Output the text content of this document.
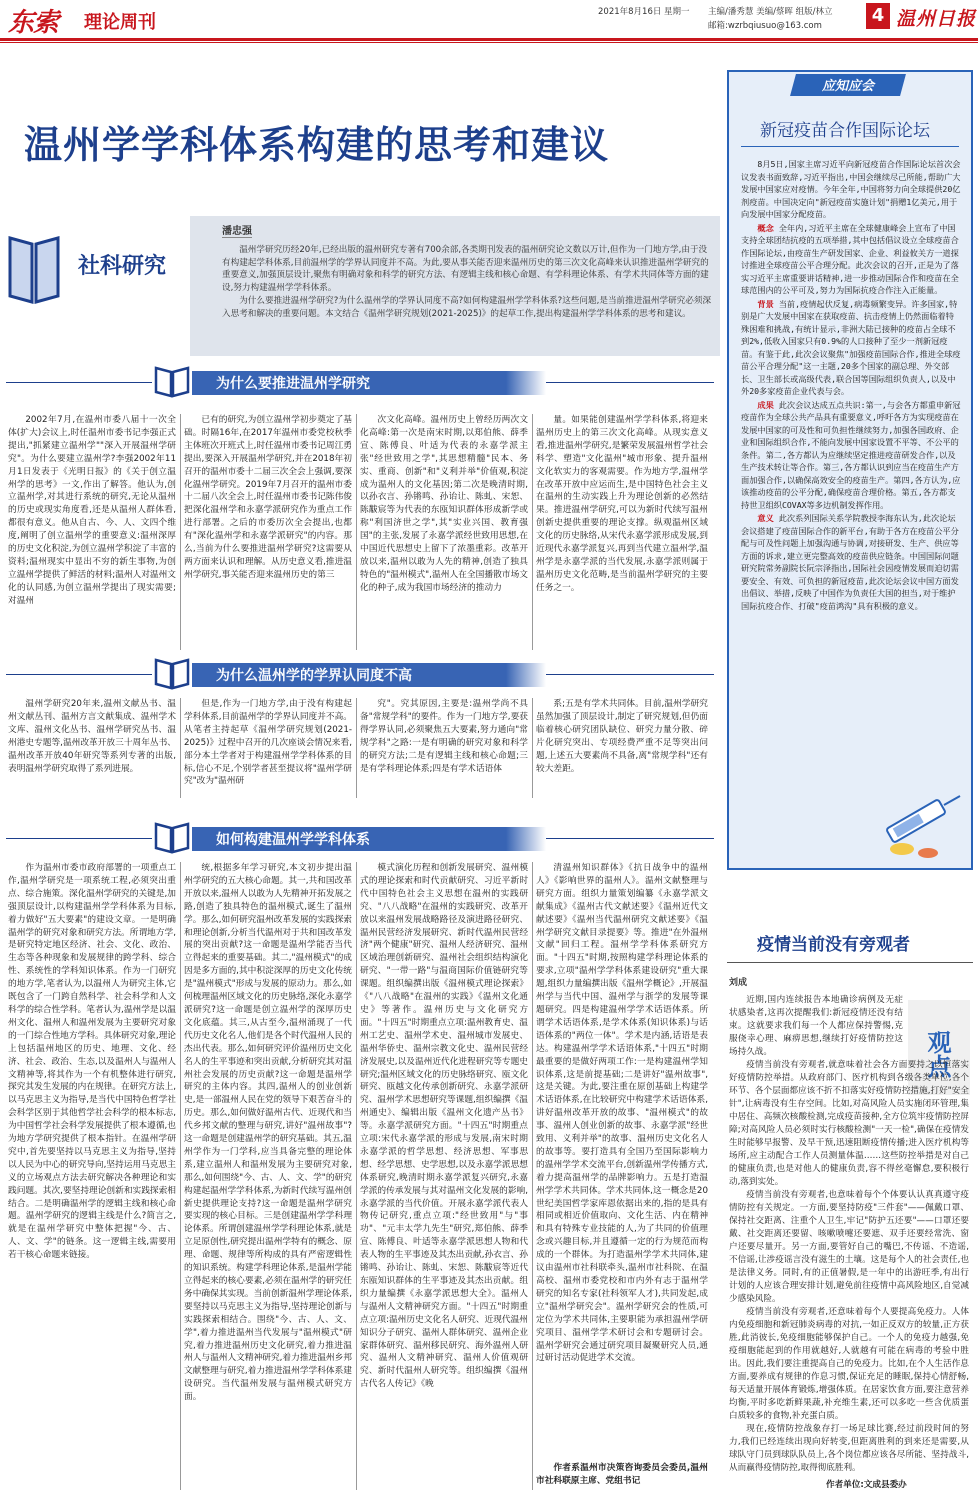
东索 理论周刊	2021年8月16日 星期一 主编/潘秀慧 美编/蔡晖 组版/林立
邮箱:wzrbqiusuo@163.com	4 温州日报
温州学学科体系构建的思考和建议
社科研究
潘忠强

温州学研究历经20年,已经出版的温州研究专著有700余部,各类期刊发表的温州研究论文数以万计,但作为一门地方学,由于没有构建起学科体系,目前温州学的学界认同度并不高。为此,要从事关能否迎来温州历史的第三次文化高峰来认识推进温州学研究的重要意义,加强顶层设计,聚焦有明确对象和科学的研究方法、有逻辑主线和核心命题、有学科理论体系、有学术共同体等方面的建设,努力构建温州学学科体系。

为什么要推进温州学研究?为什么温州学的学界认同度不高?如何构建温州学学科体系?这些问题,是当前推进温州学研究必须深入思考和解决的重要问题。本文结合《温州学研究规划(2021-2025)》的起草工作,提出构建温州学学科体系的思考和建议。

为什么要推进温州学研究

2002年7月,在温州市委八届十一次全体(扩大)会议上,时任温州市委书记李强正式提出,"抓紧建立温州学""深入开展温州学研究"。为什么要建立温州学?李强2002年11月1日发表于《光明日报》的《关于创立温州学的思考》一文,作出了解答。他认为,创立温州学,对其进行系统的研究,无论从温州的历史或现实角度看,还是从温州人群体看,都很有意义。他从自古、今、人、文四个维度,阐明了创立温州学的重要意义:温州深厚的历史文化积淀,为创立温州学积淀了丰富的资料;温州现实中显出不穷的新生事物,为创立温州学提供了鲜活的材料;温州人对温州文化的认同感,为创立温州学提出了现实需要;对温州

已有的研究,为创立温州学初步奠定了基础。时隔16年,在2017年温州市委党校秋季主体班次开班式上,时任温州市委书记周江勇提出,要深入开展温州学研究,并在2018年初召开的温州市委十二届三次全会上强调,要深化温州学研究。2019年7月召开的温州市委十二届八次全会上,时任温州市委书记陈伟俊把深化温州学和永嘉学派研究作为重点工作进行部署。之后的市委历次全会提出,也都有"深化温州学和永嘉学派研究"的内容。那么,当前为什么要推进温州学研究?这需要从两方面来认识和理解。从历史意义看,推进温州学研究,事关能否迎来温州历史的第三

次文化高峰。温州历史上曾经历两次文化高峰:第一次是南宋时期,以郑伯熊、薛季宣、陈傅良、叶适为代表的永嘉学派主张"经世致用之学",其思想精髓"民本、务实、重商、创新"和"义利并举"价值观,积淀成为温州人的文化基因;第二次是晚清时期,以孙衣言、孙锵鸣、孙诒让、陈虬、宋恕、陈黻宸等为代表的东瓯知识群体形成新学或称"利国济世之学",其"实业兴国、教育强国"的主张,发展了永嘉学派经世致用思想,在中国近代思想史上留下了浓墨重彩。改革开放以来,温州以敢为人先的精神,创造了独具特色的"温州模式",温州人在全国播散市场文化的种子,成为我国市场经济的推动力

量。如果能创建温州学学科体系,将迎来温州历史上的第三次文化高峰。从现实意义看,推进温州学研究,是繁荣发展温州哲学社会科学、塑造"文化温州"城市形象、提升温州文化软实力的客观需要。作为地方学,温州学在改革开放中应运而生,是中国特色社会主义在温州的生动实践上升为理论创新的必然结果。推进温州学研究,可以为新时代续写温州创新史提供重要的理论支撑。纵观温州区域文化的历史脉络,从宋代永嘉学派形成发展,到近现代永嘉学派复兴,再到当代建立温州学,温州学是永嘉学派的当代发展,永嘉学派则属于温州历史文化范畴,是当前温州学研究的主要任务之一。

为什么温州学的学界认同度不高

温州学研究20年来,温州文献丛书、温州文献丛刊、温州方言文献集成、温州学术文库、温州文化丛书、温州学研究丛书、温州港史专题等,温州改革开放三十周年丛书、温州改革开放40年研究等系列专著的出版,表明温州学研究取得了系列进展。

但是,作为一门地方学,由于没有构建起学科体系,目前温州学的学界认同度并不高。从笔者主持起草《温州学研究规划(2021-2025)》过程中召开的几次座谈会情况来看,部分本土学者对于构建温州学学科体系的目标,信心不足,个别学者甚至提议将"温州学研究"改为"温州研

究"。究其原因,主要是:温州学尚不具备"常规学科"的要件。作为一门地方学,要获得学界认同,必须聚焦五大要素,努力通向"常规学科"之路:一是有明确的研究对象和科学的研究方法;二是有逻辑主线和核心命题;三是有学科理论体系;四是有学术话语体

系;五是有学术共同体。目前,温州学研究虽然加强了顶层设计,制定了研究规划,但仍面临着核心研究团队缺位、研究力量分散、碎片化研究突出、专项经费严重不足等突出问题,上述五大要素尚不具备,离"常规学科"还有较大差距。

如何构建温州学学科体系

作为温州市委市政府部署的一项重点工作,温州学研究是一项系统工程,必须突出重点、综合施策。深化温州学研究的关键是,加强顶层设计,以构建温州学学科体系为目标,着力做好"五大要素"的建设文章。一是明确温州学的研究对象和研究方法。所谓地方学,是研究特定地区经济、社会、文化、政治、生态等各种现象和发展规律的跨学科、综合性、系统性的学科知识体系。作为一门研究的地方学,笔者认为,以温州人为研究主体,它既包含了一门跨自然科学、社会科学和人文科学的综合性学科。笔者认为,温州学是以温州文化、温州人和温州发展为主要研究对象的一门综合性地方学科。具体研究对象,理论上包括温州地区的历史、地理、文化、经济、社会、政治、生态,以及温州人与温州人文精神等,将其作为一个有机整体进行研究,探究其发生发展的内在规律。在研究方法上,以马克思主义为指导,是当代中国特色哲学社会科学区别于其他哲学社会科学的根本标志,为中国哲学社会科学发展提供了根本遵循,也为地方学研究提供了根本指针。在温州学研究中,首先要坚持以马克思主义为指导,坚持以人民为中心的研究导向,坚持运用马克思主义的立场观点方法去研究解决各种理论和实践问题。其次,要坚持理论创新和实践探索相结合。二是明确温州学的逻辑主线和核心命题。温州学研究的逻辑主线是什么?简言之,就是在温州学研究中整体把握"今、古、人、文、学"的链条。这一逻辑主线,需要用若干核心命题来链接。

统,根据多年学习研究,本文初步提出温州学研究的五大核心命题。其一,共和国改革开放以来,温州人以敢为人先精神开拓发展之路,创造了独具特色的温州模式,诞生了温州学。那么,如何研究温州改革发展的实践探索和理论创新,分析当代温州对于共和国改革发展的突出贡献?这一命题是温州学能否当代立得起来的重要基础。其二,"温州模式"的成因是多方面的,其中积淀深厚的历史文化传统是"温州模式"形成与发展的原动力。那么,如何梳理温州区域文化的历史脉络,深化永嘉学派研究?这一命题是创立温州学的深厚历史文化底蕴。其三,从古至今,温州涌现了一代代历史文化名人,他们是各个时代温州人民的杰出代表。那么,如何研究评价温州历史文化名人的生平事迹和突出贡献,分析研究其对温州社会发展的历史贡献?这一命题是温州学研究的主体内容。其四,温州人的创业创新史,是一部温州人民在党的领导下艰苦奋斗的历史。那么,如何做好温州古代、近现代和当代乡邦文献的整理与研究,讲好"温州故事"?这一命题是创建温州学的研究基础。其五,温州学作为一门学科,应当具备完整的理论体系,建立温州人和温州发展为主要研究对象,那么,如何围绕"今、古、人、文、学"的研究构建起温州学学科体系,为新时代续写温州创新史提供理论支持?这一命题是温州学研究要实现的核心目标。三是创建温州学学科理论体系。所谓创建温州学学科理论体系,就是立足原创性,研究提出温州学特有的概念、原理、命题、规律等所构成的具有严密逻辑性的知识系统。构建学科理论体系,是温州学能立得起来的核心要素,必须在温州学的研究任务中确保其实现。当前创新温州学理论体系,要坚持以马克思主义为指导,坚持理论创新与实践探索相结合。围绕"今、古、人、文、学",着力推进温州当代发展与"温州模式"研究,着力推进温州历史文化研究,着力推进温州人与温州人文精神研究,着力推进温州乡邦文献整理与研究,着力推进温州学学科体系建设研究。当代温州发展与温州模式研究方面。

模式演化历程和创新发展研究、温州模式的理论探索和时代贡献研究、习近平新时代中国特色社会主义思想在温州的实践研究、"八八战略"在温州的实践研究、改革开放以来温州发展战略路径及演进路径研究、温州民营经济发展研究、新时代温州民营经济"两个健康"研究、温州人经济研究、温州区域治理创新研究、温州社会组织结构演化研究、"一带一路"与温商国际价值链研究等课题。组织编撰出版《温州模式理论探索》《"八八战略"在温州的实践》《温州文化通史》等著作。温州历史与文化研究方面。"十四五"时期重点立项:温州教育史、温州工艺史、温州学术史、温州城市发展史、温州华侨史、温州宗教文化史、温州民营经济发展史,以及温州近代化进程研究等专题史研究;温州区域文化的历史脉络研究、瓯文化研究、瓯越文化传承创新研究、永嘉学派研究、温州学术思想研究等课题,组织编撰《温州通史》、编辑出版《温州文化遗产丛书》等。永嘉学派研究方面。"十四五"时期重点立项:宋代永嘉学派的形成与发展,南宋时期永嘉学派的哲学思想、经济思想、军事思想、经学思想、史学思想,以及永嘉学派思想体系研究,晚清时期永嘉学派复兴研究,永嘉学派的传承发展与其对温州文化发展的影响,永嘉学派的当代价值。开展永嘉学派代表人物传记研究,重点立项:"经世致用"与"事功"、"元丰太学九先生"研究,郑伯熊、薛季宣、陈傅良、叶适等永嘉学派思想人物和代表人物的生平事迹及其杰出贡献,孙衣言、孙锵鸣、孙诒让、陈虬、宋恕、陈黻宸等近代东瓯知识群体的生平事迹及其杰出贡献。组织力量编撰《永嘉学派思想大全》。温州人与温州人文精神研究方面。"十四五"时期重点立项:温州历史文化名人研究、近现代温州知识分子研究、温州人群体研究、温州企业家群体研究、温州移民研究、海外温州人研究、温州人文精神研究、温州人价值观研究、新时代温州人研究等。组织编撰《温州古代名人传记》《晚

清温州知识群体》《抗日战争中的温州人》《影响世界的温州人》。温州文献整理与研究方面。组织力量策划编纂《永嘉学派文献集成》《温州古代文献述要》《温州近代文献述要》《温州当代温州研究文献述要》《温州学研究文献目录提要》等。推进"在外温州文献"回归工程。温州学学科体系研究方面。"十四五"时期,按照构建学科理论体系的要求,立项"温州学学科体系建设研究"重大课题,组织力量编撰出版《温州学概论》,开展温州学与当代中国、温州学与浙学的发展等课题研究。四是构建温州学学术话语体系。所谓学术话语体系,是学术体系(知识体系)与话语体系的"两位一体"。学术是内涵,话语是表达。构建温州学学术话语体系,"十四五"时期最重要的是做好两项工作:一是构建温州学知识体系,这是前提基础;二是讲好"温州故事",这是关键。为此,要注重在原创基础上构建学术话语体系,在比较研究中构建学术话语体系,讲好温州改革开放的故事、"温州模式"的故事、温州人创业创新的故事、永嘉学派"经世致用、义利并举"的故事、温州历史文化名人的故事等。要打造具有全国乃至国际影响力的温州学学术交流平台,创新温州学传播方式,着力提高温州学的品牌影响力。五是打造温州学学术共同体。学术共同体,这一概念是20世纪美国哲学家库恩依据出来的,指的是具有相同或相近价值取向、文化生活、内在精神和具有特殊专业技能的人,为了共同的价值理念或兴趣目标,并且遵循一定的行为规范而构成的一个群体。为打造温州学学术共同体,建议由温州市社科联牵头,温州市社科院、在温高校、温州市委党校和市内外有志于温州学研究的知名专家(社科领军人才),共同发起,成立"温州学研究会"。温州学研究会的性质,可定位为学术共同体,主要职能为承担温州学研究项目、温州学学术研讨会和专题研讨会。温州学研究会通过研究项目凝聚研究人员,通过研讨活动促进学术交流。

作者系温州市决策咨询委员会委员,温州市社科联原主席、党组书记

应知应会
新冠疫苗合作国际论坛

8月5日,国家主席习近平向新冠疫苗合作国际论坛首次会议发表书面致辞,习近平指出,中国会继续尽己所能,帮助广大发展中国家应对疫情。今年全年,中国将努力向全球提供20亿剂疫苗。中国决定向"新冠疫苗实施计划"捐赠1亿美元,用于向发展中国家分配疫苗。

概念 全年内,习近平主席在全球健康峰会上宣布了中国支持全球团结抗疫的五项举措,其中包括倡议设立全球疫苗合作国际论坛,由疫苗生产研发国家、企业、利益攸关方一道探讨推进全球疫苗公平合理分配。此次会议的召开,正是为了落实习近平主席重要讲话精神,进一步推动国际合作和疫苗在全球范围内的公平可及,努力为国际抗疫合作注入正能量。

背景 当前,疫情起伏反复,病毒频繁变异。许多国家,特别是广大发展中国家在获取疫苗、抗击疫情上仍然面临着特殊困难和挑战,有统计显示,非洲大陆已接种的疫苗占全球不到2%,低收入国家只有0.9%的人口接种了至少一剂新冠疫苗。有鉴于此,此次会议聚焦"加强疫苗国际合作,推进全球疫苗公平合理分配"这一主题,20多个国家的副总理、外交部长、卫生部长或高级代表,联合国等国际组织负责人,以及中外20多家疫苗企业代表与会。

成果 此次会议达成五点共识:第一,与会各方都重申新冠疫苗作为全球公共产品具有重要意义,呼吁各方为实现疫苗在发展中国家的可及性和可负担性继续努力,加强各国政府、企业和国际组织合作,不能向发展中国家设置不平等、不公平的条件。第二,各方都认为应继续坚定推进疫苗研发合作,以及生产技术转让等合作。第三,各方都认识到应当在疫苗生产方面加强合作,以确保高效安全的疫苗生产。第四,各方认为,应该推动疫苗的公平分配,确保疫苗合理价格。第五,各方都支持世卫组织COVAX等多边机制发挥作用。

意义 此次系列国际关系学院教授李海东认为,此次论坛会议搭建了疫苗国际合作的新平台,有助于各方在疫苗公平分配与可及性问题上加强沟通与协调,对接研发、生产、供应等方面的诉求,建立更完整高效的疫苗供应链条。中国国际问题研究院常务副院长阮宗泽指出,国际社会因疫情发展而迫切需要安全、有效、可负担的新冠疫苗,此次论坛会议中国方面发出倡议、举措,反映了中国作为负责任大国的担当,对于维护国际抗疫合作、打破"疫苗鸿沟"具有积极的意义。

疫情当前没有旁观者
刘成
观点

近期,国内连续报告本地确诊病例及无症状感染者,这再次提醒我们:新冠疫情还没有结束。这就要求我们每一个人都应保持警惕,克服侥幸心理、麻痹思想,继续打好疫情防控这场持久战。

疫情当前没有旁观者,就意味着社会各方面要持之以恒落实好疫情防控举措。从政府部门、医疗机构到各级各类单位,各个环节、各个层面都应该不折不扣落实好疫情防控措施,打好"安全针",让病毒没有生存空间。比如,对高风险人员实施闭环管理,集中居住、高频次核酸检测,完成疫苗接种,全方位筑牢疫情防控屏障;对高风险人员必须时实行核酸检测"一天一检",确保在疫情发生时能够早报警、及早干预,迅速阻断疫情传播;进入医疗机构等场所,应主动配合工作人员测量体温……这些防控举措是对自己的健康负责,也是对他人的健康负责,容不得丝毫懈怠,要积极行动,落到实处。

疫情当前没有旁观者,也意味着每个个体要认认真真遵守疫情防控有关规定。一方面,要坚持防疫"三件套"——佩戴口罩、保持社交距离、注重个人卫生,牢记"防护五还要"——口罩还要戴、社交距离还要留、咳嗽喷嚏还要遮、双手还要经常洗、窗户还要尽量开。另一方面,要管好自己的嘴巴,不传谣、不造谣,不信谣,让涉疫谣言没有滋生的土壤。这是每个人的社会责任,也是法律义务。同时,有的正值暑假,是一年中的出游旺季,有出行计划的人应该合理安排计划,避免前往疫情中高风险地区,自觉减少感染风险。

疫情当前没有旁观者,还意味着每个人要提高免疫力。人体内免疫细胞和新冠肺炎病毒的对抗,一如正反双方的较量,正方获胜,此消彼长,免疫细胞能够保护自己。一个人的免疫力越强,免疫细胞能起到的作用就越好,人就越有可能在病毒的考验中胜出。因此,我们要注重提高自己的免疫力。比如,在个人生活作息方面,要养成有规律的作息习惯,保证充足的睡眠,保持心情舒畅,每天适量开展体育锻炼,增强体质。在居家饮食方面,要注意营养均衡,平时多吃新鲜果蔬,补充维生素,还可以多吃一些含优质蛋白质较多的食物,补充蛋白质。

现在,疫情防控战象存打一场足球比赛,经过前段时间的努力,我们已经连续出现向好转变,但距离胜利的到来还是需要,从球队守门员到球队队员上,各个岗位都应该各尽所能、坚持战斗,从而赢得疫情防控,取得彻底胜利。

作者单位:文成县委办
